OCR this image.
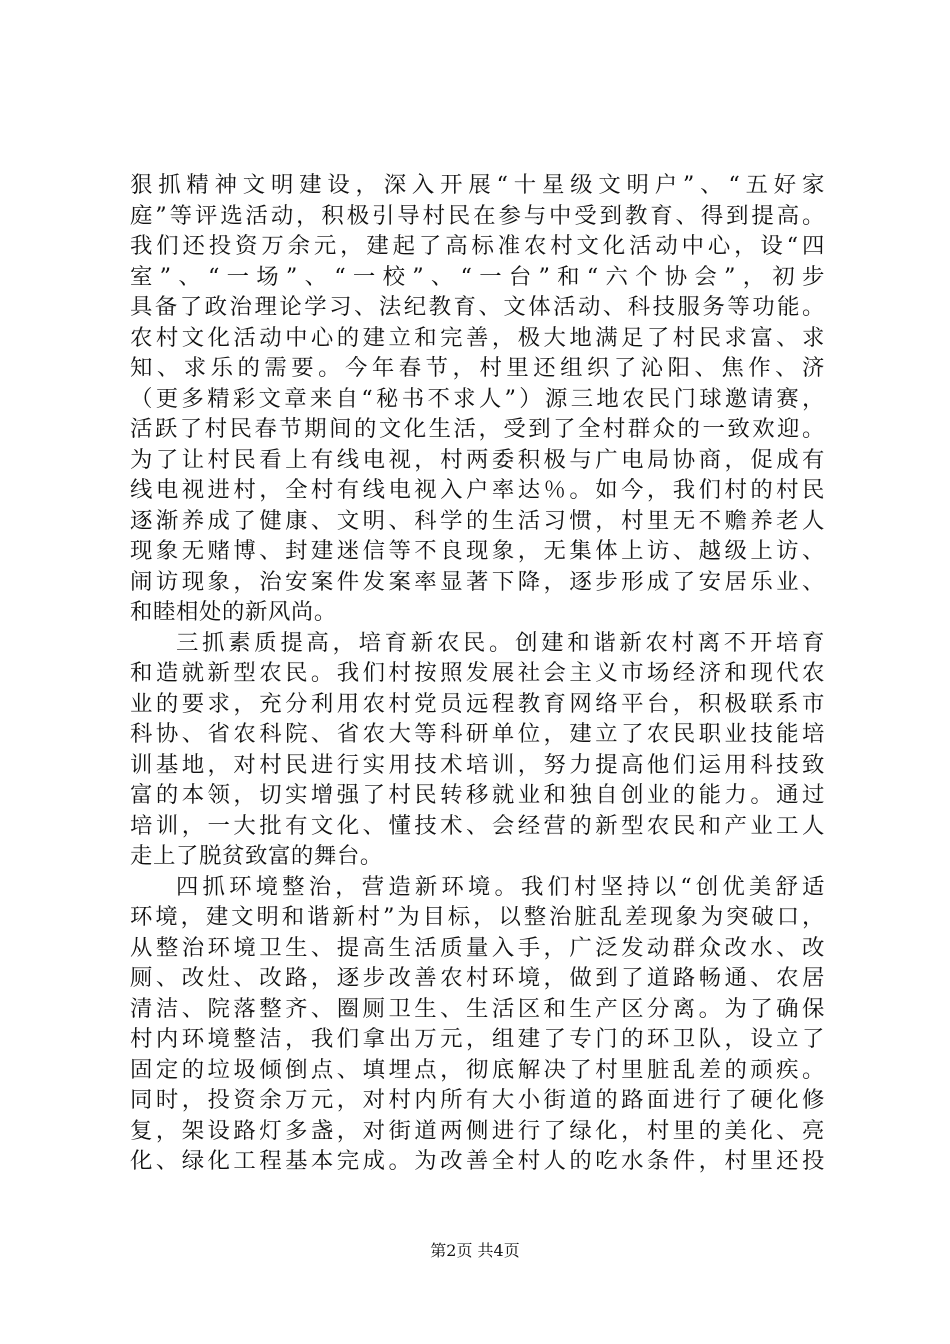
狠抓精神文明建设，深入开展“十星级文明户”、“五好家
庭”等评选活动，积极引导村民在参与中受到教育、得到提高。
我们还投资万余元，建起了高标准农村文化活动中心，设“四
室”、“一场”、“一校”、“一台”和“六个协会”，初步
具备了政治理论学习、法纪教育、文体活动、科技服务等功能。
农村文化活动中心的建立和完善，极大地满足了村民求富、求
知、求乐的需要。今年春节，村里还组织了沁阳、焦作、济
（更多精彩文章来自“秘书不求人”）源三地农民门球邀请赛，
活跃了村民春节期间的文化生活，受到了全村群众的一致欢迎。
为了让村民看上有线电视，村两委积极与广电局协商，促成有
线电视进村，全村有线电视入户率达％。如今，我们村的村民
逐渐养成了健康、文明、科学的生活习惯，村里无不赡养老人
现象无赌博、封建迷信等不良现象，无集体上访、越级上访、
闹访现象，治安案件发案率显著下降，逐步形成了安居乐业、
和睦相处的新风尚。
三抓素质提高，培育新农民。创建和谐新农村离不开培育
和造就新型农民。我们村按照发展社会主义市场经济和现代农
业的要求，充分利用农村党员远程教育网络平台，积极联系市
科协、省农科院、省农大等科研单位，建立了农民职业技能培
训基地，对村民进行实用技术培训，努力提高他们运用科技致
富的本领，切实增强了村民转移就业和独自创业的能力。通过
培训，一大批有文化、懂技术、会经营的新型农民和产业工人
走上了脱贫致富的舞台。
四抓环境整治，营造新环境。我们村坚持以“创优美舒适
环境，建文明和谐新村”为目标，以整治脏乱差现象为突破口，
从整治环境卫生、提高生活质量入手，广泛发动群众改水、改
厕、改灶、改路，逐步改善农村环境，做到了道路畅通、农居
清洁、院落整齐、圈厕卫生、生活区和生产区分离。为了确保
村内环境整洁，我们拿出万元，组建了专门的环卫队，设立了
固定的垃圾倾倒点、填埋点，彻底解决了村里脏乱差的顽疾。
同时，投资余万元，对村内所有大小街道的路面进行了硬化修
复，架设路灯多盏，对街道两侧进行了绿化，村里的美化、亮
化、绿化工程基本完成。为改善全村人的吃水条件，村里还投
第2页 共4页
